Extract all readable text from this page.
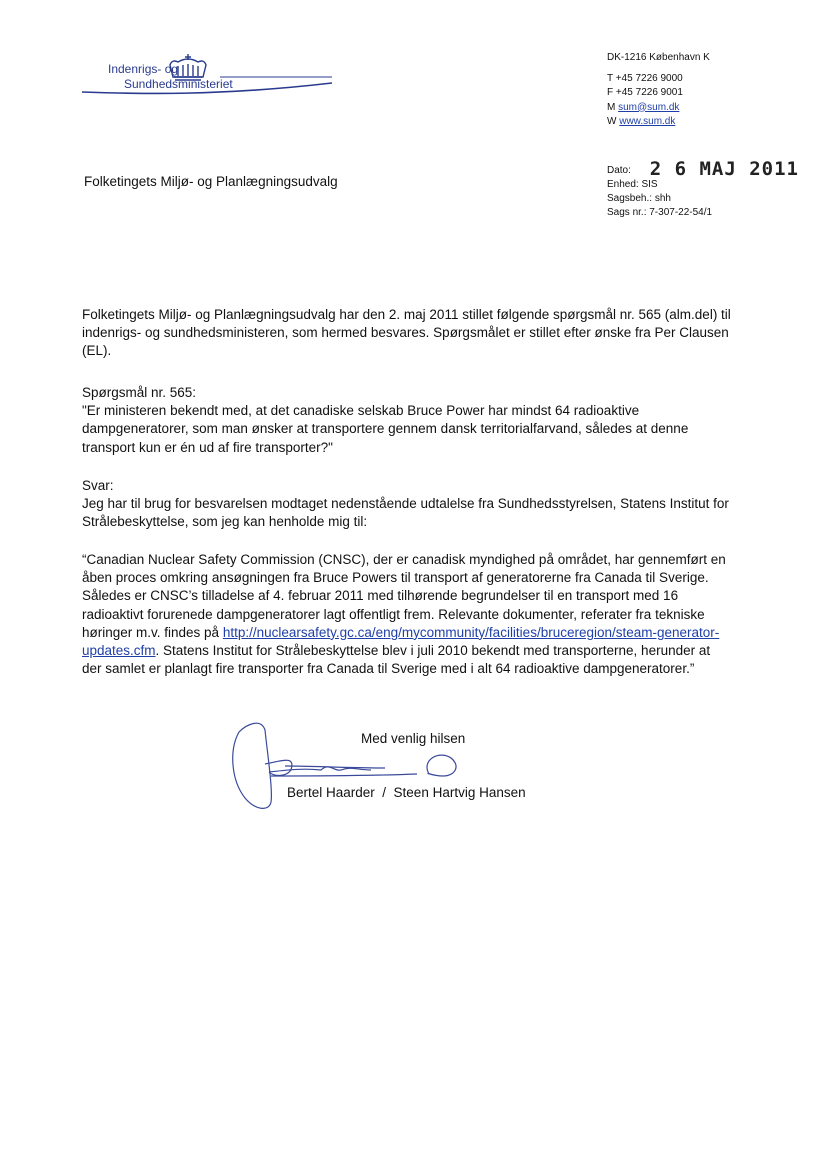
Indenrigs- og
Sundhedsministeriet
DK-1216 København K
T +45 7226 9000
F +45 7226 9001
M sum@sum.dk
W www.sum.dk
Dato: 2 6 MAJ 2011
Enhed: SIS
Sagsbeh.: shh
Sags nr.: 7-307-22-54/1
Folketingets Miljø- og Planlægningsudvalg

Folketingets Miljø- og Planlægningsudvalg har den 2. maj 2011 stillet følgende spørgsmål nr. 565 (alm.del) til

indenrigs- og sundhedsministeren, som hermed besvares. Spørgsmålet er stillet efter ønske fra Per Clausen

(EL).

Spørgsmål nr. 565:

"Er ministeren bekendt med, at det canadiske selskab Bruce Power har mindst 64 radioaktive

dampgeneratorer, som man ønsker at transportere gennem dansk territorialfarvand, således at denne

transport kun er én ud af fire transporter?"

Svar:

Jeg har til brug for besvarelsen modtaget nedenstående udtalelse fra Sundhedsstyrelsen, Statens Institut for

Strålebeskyttelse, som jeg kan henholde mig til:

“Canadian Nuclear Safety Commission (CNSC), der er canadisk myndighed på området, har gennemført en

åben proces omkring ansøgningen fra Bruce Powers til transport af generatorerne fra Canada til Sverige.

Således er CNSC’s tilladelse af 4. februar 2011 med tilhørende begrundelser til en transport med 16

radioaktivt forurenede dampgeneratorer lagt offentligt frem. Relevante dokumenter, referater fra tekniske

høringer m.v. findes på http://nuclearsafety.gc.ca/eng/mycommunity/facilities/bruceregion/steam-generator-

updates.cfm. Statens Institut for Strålebeskyttelse blev i juli 2010 bekendt med transporterne, herunder at

der samlet er planlagt fire transporter fra Canada til Sverige med i alt 64 radioaktive dampgeneratorer.”

Med venlig hilsen
Bertel Haarder  /  Steen Hartvig Hansen
